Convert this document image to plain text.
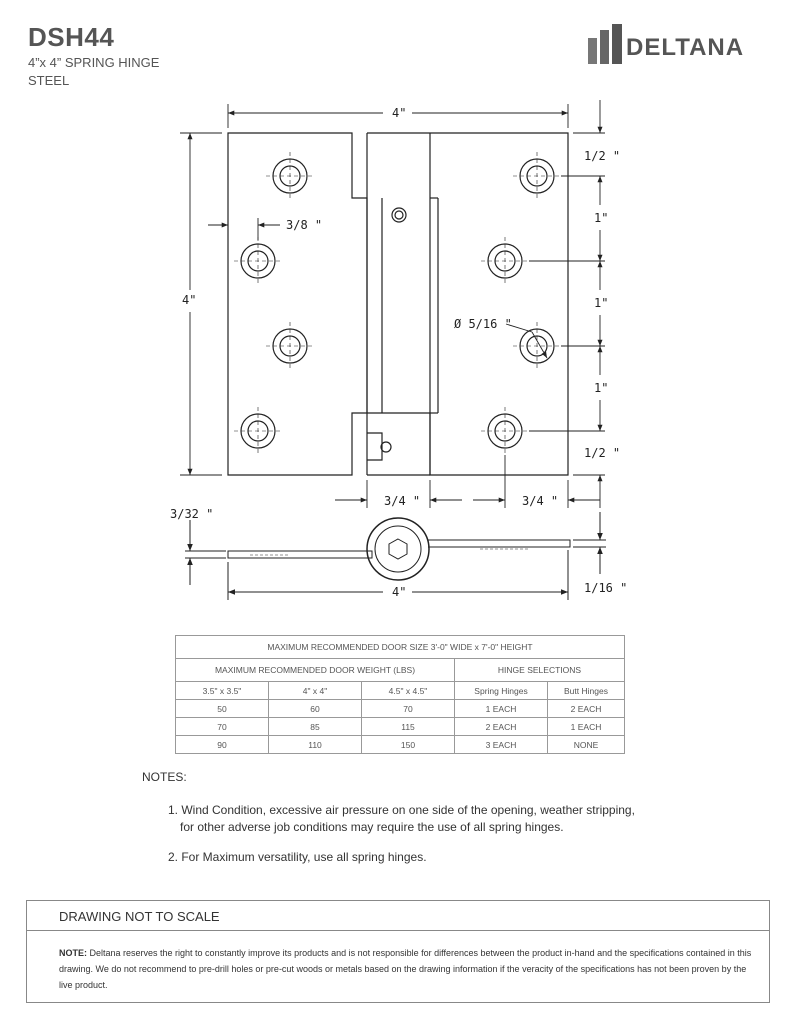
DSH44
4”x 4” SPRING HINGE
STEEL
DELTANA
4"
4"
3/8 "
1/2 "
1"
1"
1"
1/2 "
Ø 5/16 "
3/4 "	3/4 "
3/32 "
4"	1/16 "
MAXIMUM RECOMMENDED DOOR SIZE 3'-0" WIDE x 7'-0" HEIGHT				
MAXIMUM RECOMMENDED DOOR WEIGHT (LBS)			HINGE SELECTIONS	
3.5" x 3.5"	4" x 4"	4.5" x 4.5"	Spring Hinges	Butt Hinges
50	60	70	1 EACH	2 EACH
70	85	115	2 EACH	1 EACH
90	110	150	3 EACH	NONE
NOTES:
1. Wind Condition, excessive air pressure on one side of the opening, weather stripping,
for other adverse job conditions may require the use of all spring hinges.
2. For Maximum versatility, use all spring hinges.
DRAWING NOT TO SCALE
NOTE: Deltana reserves the right to constantly improve its products and is not responsible for differences between the product in-hand and the specifications contained in this drawing. We do not recommend to pre-drill holes or pre-cut woods or metals based on the drawing information if the veracity of the specifications has not been proven by the live product.
